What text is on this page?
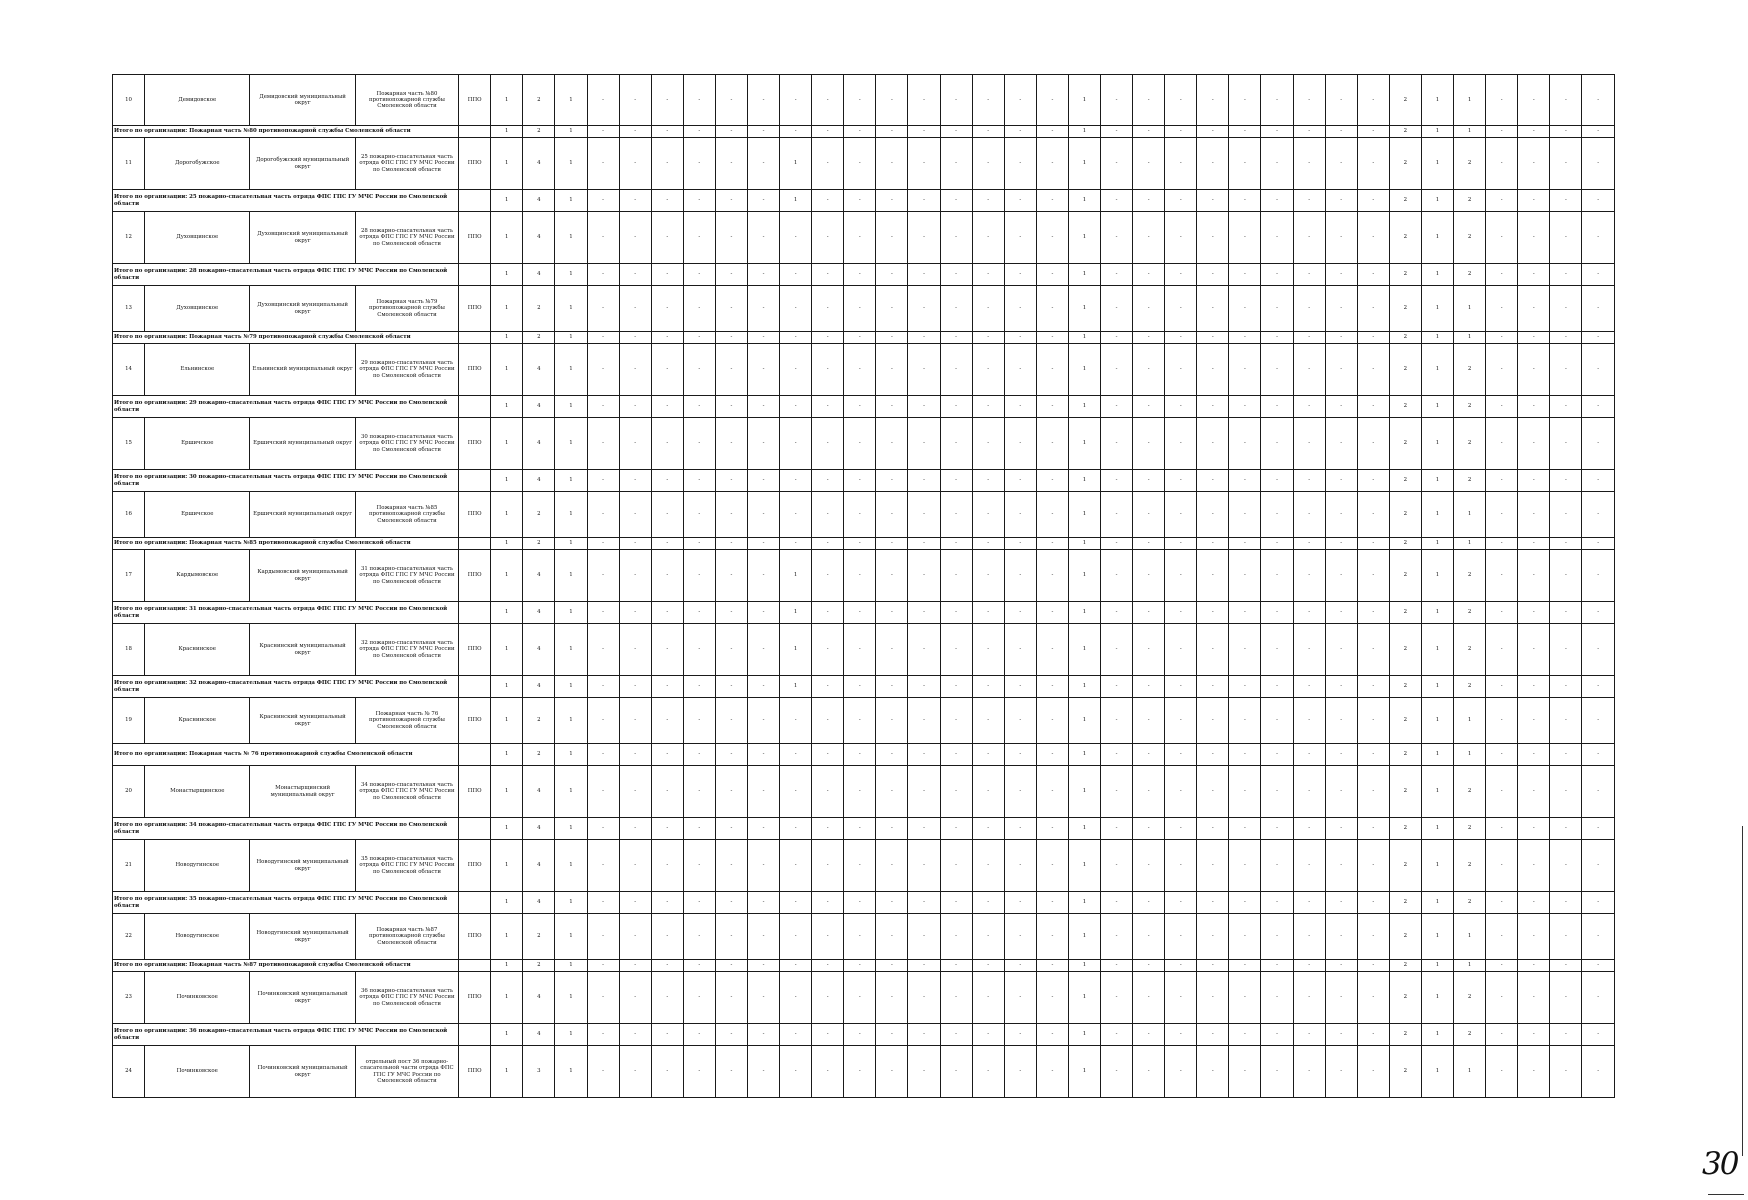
10	Демидовское	Демидовский муниципальный округ	Пожарная часть №80 противопожарной службы Смоленской области	ППО	1	2	1	-	-	-	-	-	-	-	-	-	-	-	-	-	-	-	1	-	-	-	-	-	-	-	-	-	2	1	1	-	-	-	-
Итого по организации: Пожарная часть №80 противопожарной службы Смоленской области					1	2	1	-	-	-	-	-	-	-	-	-	-	-	-	-	-	-	1	-	-	-	-	-	-	-	-	-	2	1	1	-	-	-	-
11	Дорогобужское	Дорогобужский муниципальный округ	25 пожарно-спасательная часть отряда ФПС ГПС ГУ МЧС России по Смоленской области	ППО	1	4	1	-	-	-	-	-	-	1	-	-	-	-	-	-	-	-	1	-	-	-	-	-	-	-	-	-	2	1	2	-	-	-	-
Итого по организации: 25 пожарно-спасательная часть отряда ФПС ГПС ГУ МЧС России по Смоленской области					1	4	1	-	-	-	-	-	-	1	-	-	-	-	-	-	-	-	1	-	-	-	-	-	-	-	-	-	2	1	2	-	-	-	-
12	Духовщинское	Духовщинский муниципальный округ	28 пожарно-спасательная часть отряда ФПС ГПС ГУ МЧС России по Смоленской области	ППО	1	4	1	-	-	-	-	-	-	-	-	-	-	-	-	-	-	-	1	-	-	-	-	-	-	-	-	-	2	1	2	-	-	-	-
Итого по организации: 28 пожарно-спасательная часть отряда ФПС ГПС ГУ МЧС России по Смоленской области					1	4	1	-	-	-	-	-	-	-	-	-	-	-	-	-	-	-	1	-	-	-	-	-	-	-	-	-	2	1	2	-	-	-	-
13	Духовщинское	Духовщинский муниципальный округ	Пожарная часть №79 противопожарной службы Смоленской области	ППО	1	2	1	-	-	-	-	-	-	-	-	-	-	-	-	-	-	-	1	-	-	-	-	-	-	-	-	-	2	1	1	-	-	-	-
Итого по организации: Пожарная часть №79 противопожарной службы Смоленской области					1	2	1	-	-	-	-	-	-	-	-	-	-	-	-	-	-	-	1	-	-	-	-	-	-	-	-	-	2	1	1	-	-	-	-
14	Ельнинское	Ельнинский муниципальный округ	29 пожарно-спасательная часть отряда ФПС ГПС ГУ МЧС России по Смоленской области	ППО	1	4	1	-	-	-	-	-	-	-	-	-	-	-	-	-	-	-	1	-	-	-	-	-	-	-	-	-	2	1	2	-	-	-	-
Итого по организации: 29 пожарно-спасательная часть отряда ФПС ГПС ГУ МЧС России по Смоленской области					1	4	1	-	-	-	-	-	-	-	-	-	-	-	-	-	-	-	1	-	-	-	-	-	-	-	-	-	2	1	2	-	-	-	-
15	Ершичское	Ершичский муниципальный округ	30 пожарно-спасательная часть отряда ФПС ГПС ГУ МЧС России по Смоленской области	ППО	1	4	1	-	-	-	-	-	-	-	-	-	-	-	-	-	-	-	1	-	-	-	-	-	-	-	-	-	2	1	2	-	-	-	-
Итого по организации: 30 пожарно-спасательная часть отряда ФПС ГПС ГУ МЧС России по Смоленской области					1	4	1	-	-	-	-	-	-	-	-	-	-	-	-	-	-	-	1	-	-	-	-	-	-	-	-	-	2	1	2	-	-	-	-
16	Ершичское	Ершичский муниципальный округ	Пожарная часть №85 противопожарной службы Смоленской области	ППО	1	2	1	-	-	-	-	-	-	-	-	-	-	-	-	-	-	-	1	-	-	-	-	-	-	-	-	-	2	1	1	-	-	-	-
Итого по организации: Пожарная часть №85 противопожарной службы Смоленской области					1	2	1	-	-	-	-	-	-	-	-	-	-	-	-	-	-	-	1	-	-	-	-	-	-	-	-	-	2	1	1	-	-	-	-
17	Кардымовское	Кардымовский муниципальный округ	31 пожарно-спасательная часть отряда ФПС ГПС ГУ МЧС России по Смоленской области	ППО	1	4	1	-	-	-	-	-	-	1	-	-	-	-	-	-	-	-	1	-	-	-	-	-	-	-	-	-	2	1	2	-	-	-	-
Итого по организации: 31 пожарно-спасательная часть отряда ФПС ГПС ГУ МЧС России по Смоленской области					1	4	1	-	-	-	-	-	-	1	-	-	-	-	-	-	-	-	1	-	-	-	-	-	-	-	-	-	2	1	2	-	-	-	-
18	Краснинское	Краснинский муниципальный округ	32 пожарно-спасательная часть отряда ФПС ГПС ГУ МЧС России по Смоленской области	ППО	1	4	1	-	-	-	-	-	-	1	-	-	-	-	-	-	-	-	1	-	-	-	-	-	-	-	-	-	2	1	2	-	-	-	-
Итого по организации: 32 пожарно-спасательная часть отряда ФПС ГПС ГУ МЧС России по Смоленской области					1	4	1	-	-	-	-	-	-	1	-	-	-	-	-	-	-	-	1	-	-	-	-	-	-	-	-	-	2	1	2	-	-	-	-
19	Краснинское	Краснинский муниципальный округ	Пожарная часть № 76 противопожарной службы Смоленской области	ППО	1	2	1	-	-	-	-	-	-	-	-	-	-	-	-	-	-	-	1	-	-	-	-	-	-	-	-	-	2	1	1	-	-	-	-
Итого по организации: Пожарная часть № 76 противопожарной службы Смоленской области					1	2	1	-	-	-	-	-	-	-	-	-	-	-	-	-	-	-	1	-	-	-	-	-	-	-	-	-	2	1	1	-	-	-	-
20	Монастырщинское	Монастырщинский муниципальный округ	34 пожарно-спасательная часть отряда ФПС ГПС ГУ МЧС России по Смоленской области	ППО	1	4	1	-	-	-	-	-	-	-	-	-	-	-	-	-	-	-	1	-	-	-	-	-	-	-	-	-	2	1	2	-	-	-	-
Итого по организации: 34 пожарно-спасательная часть отряда ФПС ГПС ГУ МЧС России по Смоленской области					1	4	1	-	-	-	-	-	-	-	-	-	-	-	-	-	-	-	1	-	-	-	-	-	-	-	-	-	2	1	2	-	-	-	-
21	Новодугинское	Новодугинский муниципальный округ	35 пожарно-спасательная часть отряда ФПС ГПС ГУ МЧС России по Смоленской области	ППО	1	4	1	-	-	-	-	-	-	-	-	-	-	-	-	-	-	-	1	-	-	-	-	-	-	-	-	-	2	1	2	-	-	-	-
Итого по организации: 35 пожарно-спасательная часть отряда ФПС ГПС ГУ МЧС России по Смоленской области					1	4	1	-	-	-	-	-	-	-	-	-	-	-	-	-	-	-	1	-	-	-	-	-	-	-	-	-	2	1	2	-	-	-	-
22	Новодугинское	Новодугинский муниципальный округ	Пожарная часть №87 противопожарной службы Смоленской области	ППО	1	2	1	-	-	-	-	-	-	-	-	-	-	-	-	-	-	-	1	-	-	-	-	-	-	-	-	-	2	1	1	-	-	-	-
Итого по организации: Пожарная часть №87 противопожарной службы Смоленской области					1	2	1	-	-	-	-	-	-	-	-	-	-	-	-	-	-	-	1	-	-	-	-	-	-	-	-	-	2	1	1	-	-	-	-
23	Починковское	Починковский муниципальный округ	36 пожарно-спасательная часть отряда ФПС ГПС ГУ МЧС России по Смоленской области	ППО	1	4	1	-	-	-	-	-	-	-	-	-	-	-	-	-	-	-	1	-	-	-	-	-	-	-	-	-	2	1	2	-	-	-	-
Итого по организации: 36 пожарно-спасательная часть отряда ФПС ГПС ГУ МЧС России по Смоленской области					1	4	1	-	-	-	-	-	-	-	-	-	-	-	-	-	-	-	1	-	-	-	-	-	-	-	-	-	2	1	2	-	-	-	-
24	Починковское	Починковский муниципальный округ	отдельный пост 36 пожарно-спасательной части отряда ФПС ГПС ГУ МЧС России по Смоленской области	ППО	1	3	1	-	-	-	-	-	-	-	-	-	-	-	-	-	-	-	1	-	-	-	-	-	-	-	-	-	2	1	1	-	-	-	-
30
